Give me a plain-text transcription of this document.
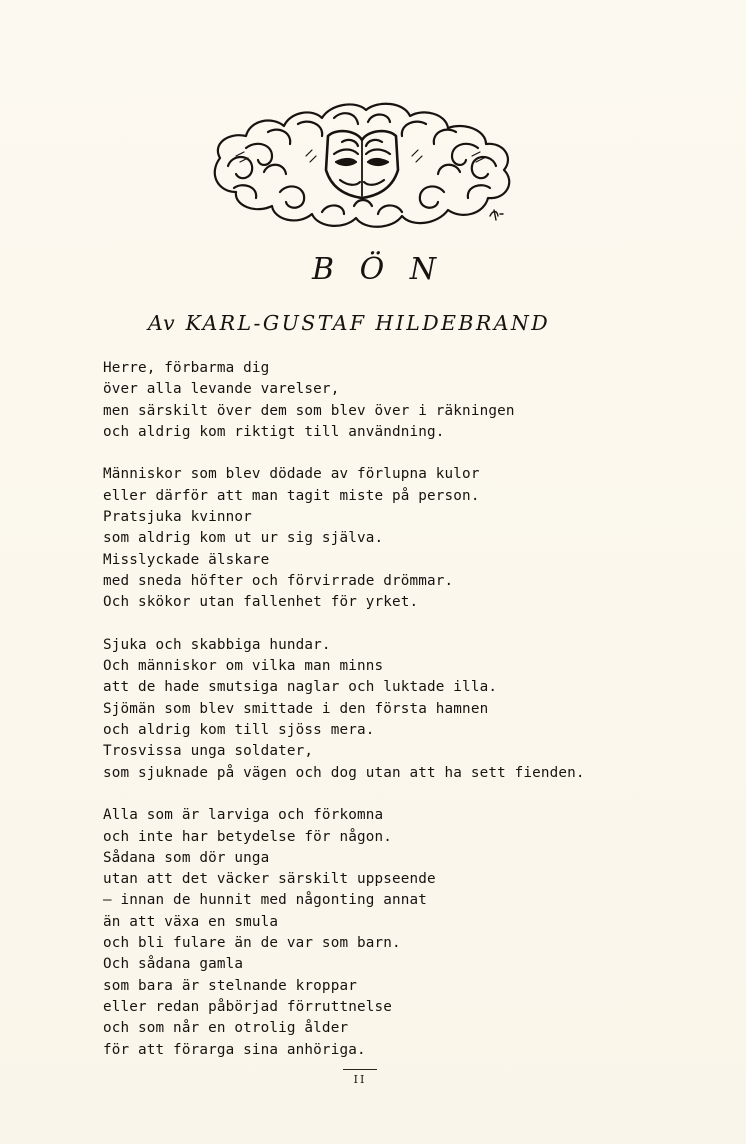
B Ö N
Av KARL-GUSTAF HILDEBRAND
Herre, förbarma dig
över alla levande varelser,
men särskilt över dem som blev över i räkningen
och aldrig kom riktigt till användning.
Människor som blev dödade av förlupna kulor
eller därför att man tagit miste på person.
Pratsjuka kvinnor
som aldrig kom ut ur sig själva.
Misslyckade älskare
med sneda höfter och förvirrade drömmar.
Och skökor utan fallenhet för yrket.
Sjuka och skabbiga hundar.
Och människor om vilka man minns
att de hade smutsiga naglar och luktade illa.
Sjömän som blev smittade i den första hamnen
och aldrig kom till sjöss mera.
Trosvissa unga soldater,
som sjuknade på vägen och dog utan att ha sett fienden.
Alla som är larviga och förkomna
och inte har betydelse för någon.
Sådana som dör unga
utan att det väcker särskilt uppseende
— innan de hunnit med någonting annat
än att växa en smula
och bli fulare än de var som barn.
Och sådana gamla
som bara är stelnande kroppar
eller redan påbörjad förruttnelse
och som når en otrolig ålder
för att förarga sina anhöriga.
II
